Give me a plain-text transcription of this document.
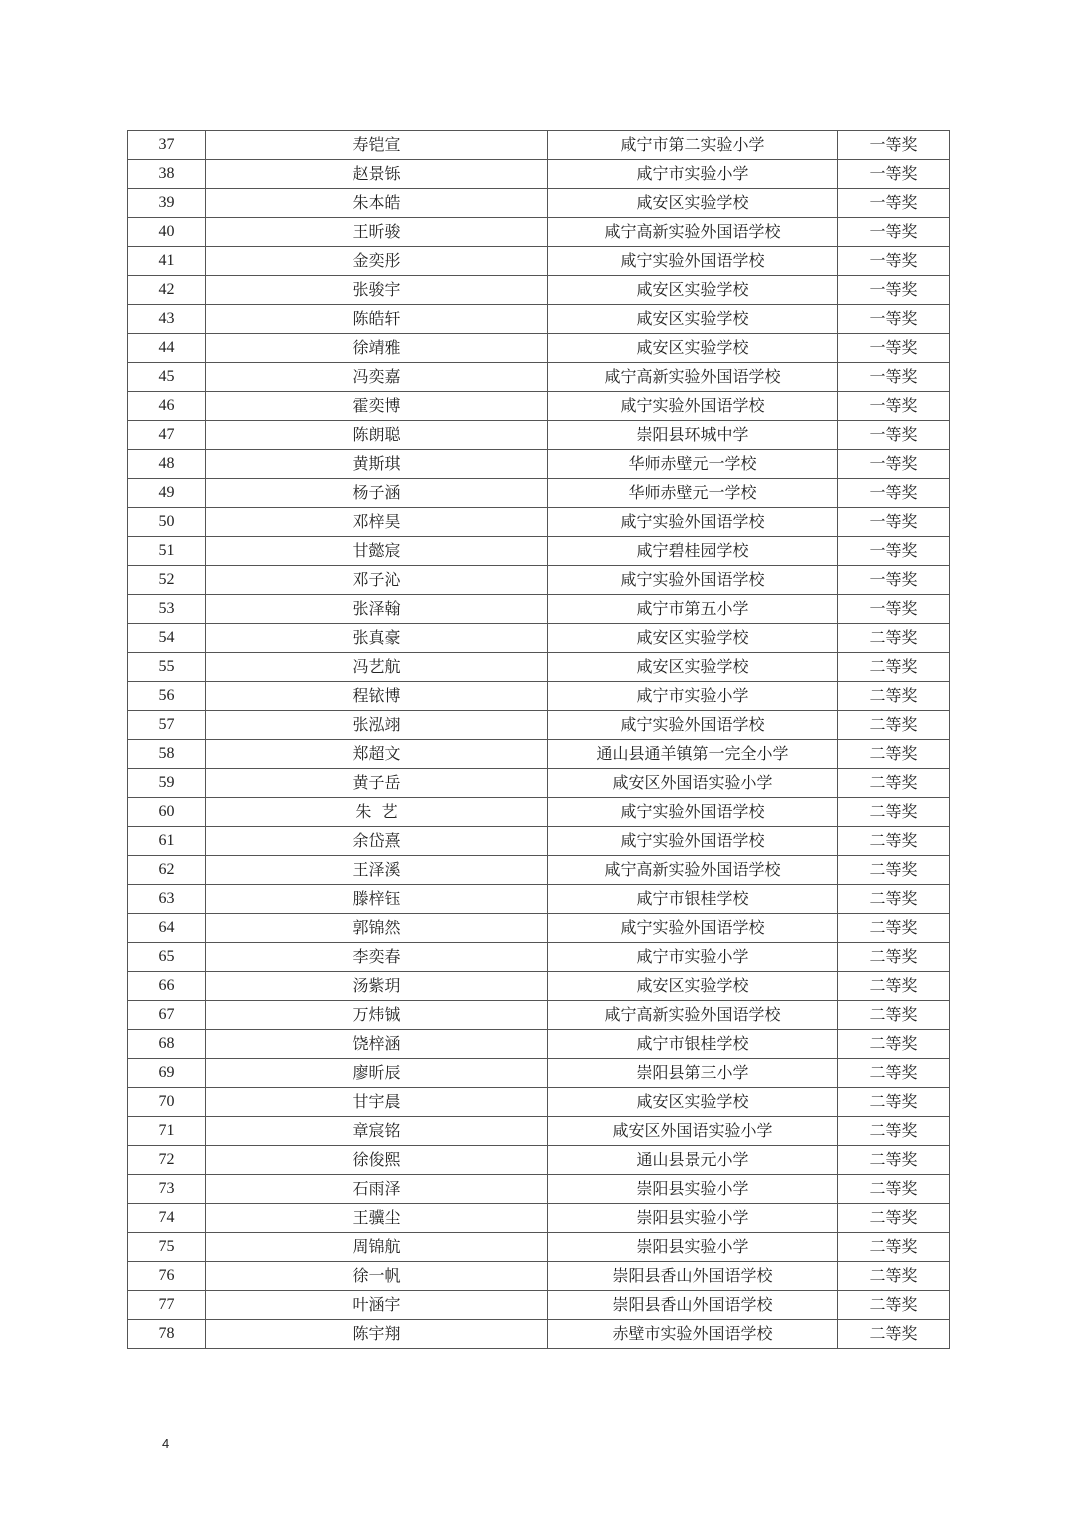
37	寿铠宣	咸宁市第二实验小学	一等奖
38	赵景铄	咸宁市实验小学	一等奖
39	朱本皓	咸安区实验学校	一等奖
40	王昕骏	咸宁高新实验外国语学校	一等奖
41	金奕彤	咸宁实验外国语学校	一等奖
42	张骏宇	咸安区实验学校	一等奖
43	陈皓轩	咸安区实验学校	一等奖
44	徐靖雅	咸安区实验学校	一等奖
45	冯奕嘉	咸宁高新实验外国语学校	一等奖
46	霍奕博	咸宁实验外国语学校	一等奖
47	陈朗聪	崇阳县环城中学	一等奖
48	黄斯琪	华师赤壁元一学校	一等奖
49	杨子涵	华师赤壁元一学校	一等奖
50	邓梓昊	咸宁实验外国语学校	一等奖
51	甘懿宸	咸宁碧桂园学校	一等奖
52	邓子沁	咸宁实验外国语学校	一等奖
53	张泽翰	咸宁市第五小学	一等奖
54	张真豪	咸安区实验学校	二等奖
55	冯艺航	咸安区实验学校	二等奖
56	程铱博	咸宁市实验小学	二等奖
57	张泓翊	咸宁实验外国语学校	二等奖
58	郑超文	通山县通羊镇第一完全小学	二等奖
59	黄子岳	咸安区外国语实验小学	二等奖
60	朱  艺	咸宁实验外国语学校	二等奖
61	余岱熹	咸宁实验外国语学校	二等奖
62	王泽溪	咸宁高新实验外国语学校	二等奖
63	滕梓钰	咸宁市银桂学校	二等奖
64	郭锦然	咸宁实验外国语学校	二等奖
65	李奕春	咸宁市实验小学	二等奖
66	汤紫玥	咸安区实验学校	二等奖
67	万炜铖	咸宁高新实验外国语学校	二等奖
68	饶梓涵	咸宁市银桂学校	二等奖
69	廖昕辰	崇阳县第三小学	二等奖
70	甘宇晨	咸安区实验学校	二等奖
71	章宸铭	咸安区外国语实验小学	二等奖
72	徐俊熙	通山县景元小学	二等奖
73	石雨泽	崇阳县实验小学	二等奖
74	王骥尘	崇阳县实验小学	二等奖
75	周锦航	崇阳县实验小学	二等奖
76	徐一帆	崇阳县香山外国语学校	二等奖
77	叶涵宇	崇阳县香山外国语学校	二等奖
78	陈宇翔	赤壁市实验外国语学校	二等奖
4
